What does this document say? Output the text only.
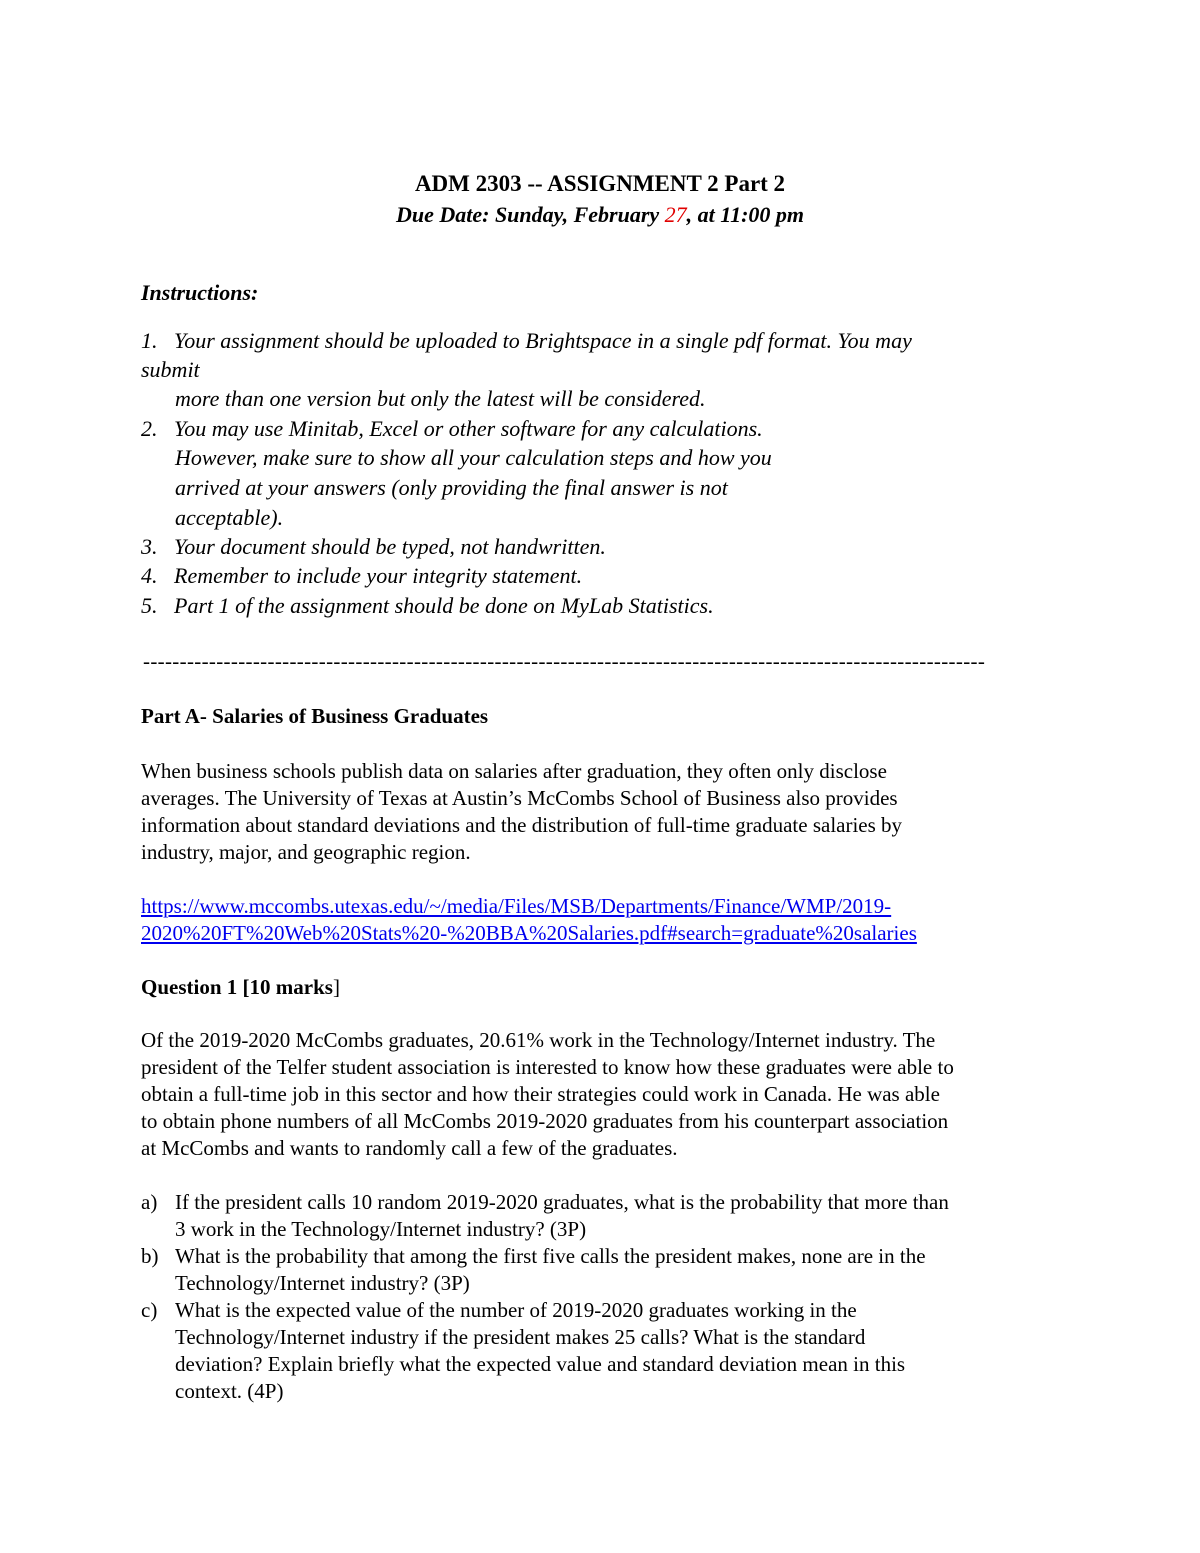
ADM 2303 -- ASSIGNMENT 2 Part 2
Due Date: Sunday, February 27, at 11:00 pm
Instructions:
1. Your assignment should be uploaded to Brightspace in a single pdf format. You may
submit
more than one version but only the latest will be considered.
2. You may use Minitab, Excel or other software for any calculations.
However, make sure to show all your calculation steps and how you
arrived at your answers (only providing the final answer is not
acceptable).
3. Your document should be typed, not handwritten.
4. Remember to include your integrity statement.
5. Part 1 of the assignment should be done on MyLab Statistics.
-------------------------------------------------------------------------------------------------------------------
Part A- Salaries of Business Graduates
When business schools publish data on salaries after graduation, they often only disclose
averages. The University of Texas at Austin’s McCombs School of Business also provides
information about standard deviations and the distribution of full-time graduate salaries by
industry, major, and geographic region.
https://www.mccombs.utexas.edu/~/media/Files/MSB/Departments/Finance/WMP/2019-
2020%20FT%20Web%20Stats%20-%20BBA%20Salaries.pdf#search=graduate%20salaries
Question 1 [10 marks]
Of the 2019-2020 McCombs graduates, 20.61% work in the Technology/Internet industry. The
president of the Telfer student association is interested to know how these graduates were able to
obtain a full-time job in this sector and how their strategies could work in Canada. He was able
to obtain phone numbers of all McCombs 2019-2020 graduates from his counterpart association
at McCombs and wants to randomly call a few of the graduates.
a) If the president calls 10 random 2019-2020 graduates, what is the probability that more than
3 work in the Technology/Internet industry? (3P)
b) What is the probability that among the first five calls the president makes, none are in the
Technology/Internet industry? (3P)
c) What is the expected value of the number of 2019-2020 graduates working in the
Technology/Internet industry if the president makes 25 calls? What is the standard
deviation? Explain briefly what the expected value and standard deviation mean in this
context. (4P)
